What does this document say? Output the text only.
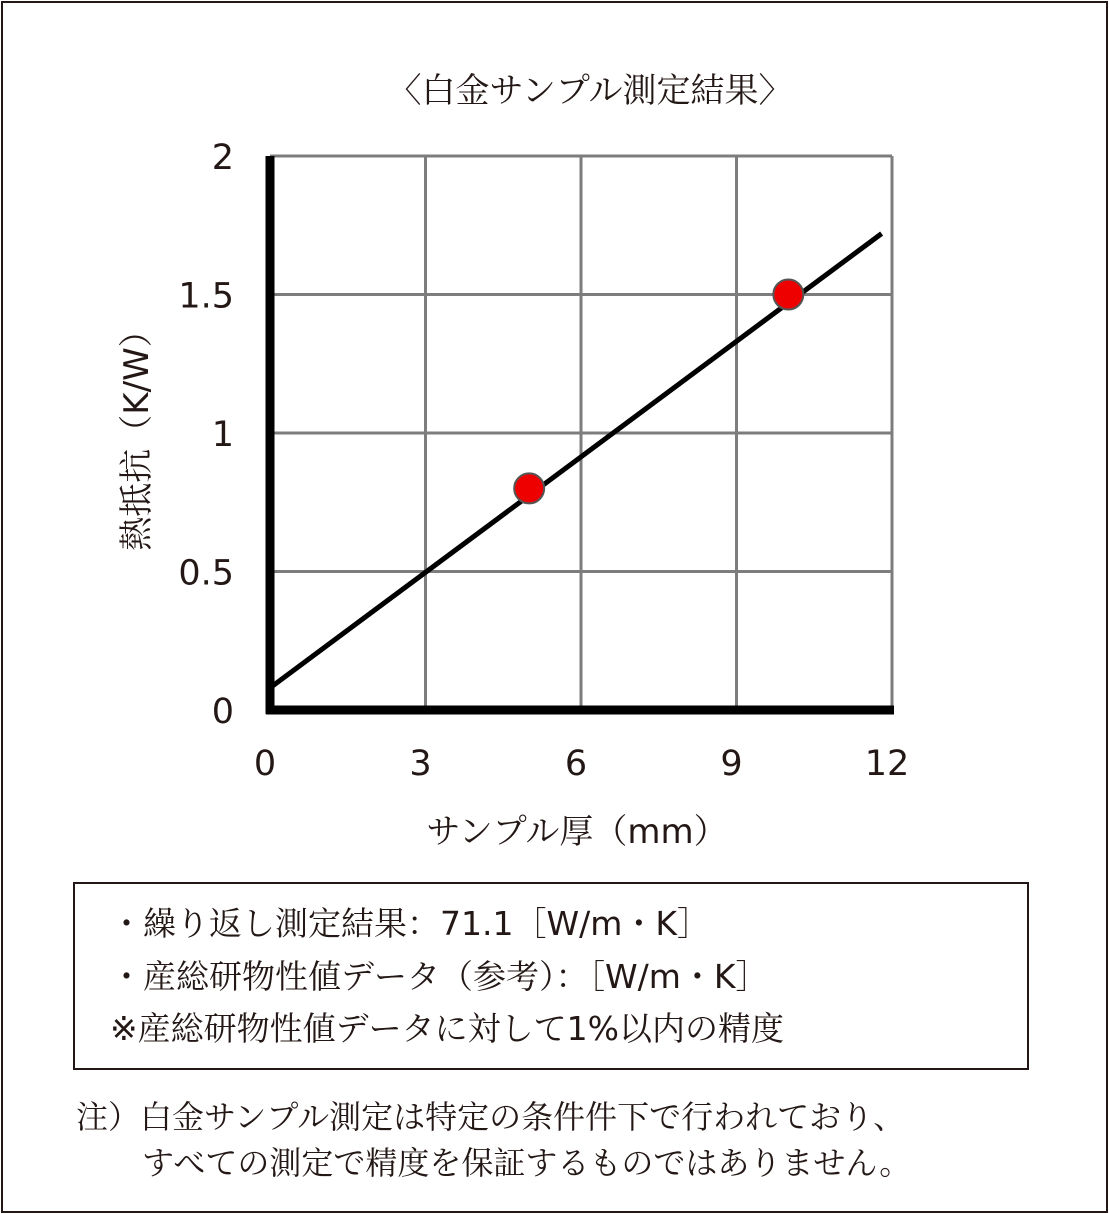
〈白金サンプル測定結果〉
0
0.5
1
1.5
2
0	3	6	9	12
サンプル厚（mm）
熱抵抗（K/W）
・繰り返し測定結果：71.1［W/m・K］
・産総研物性値データ（参考）：［W/m・K］
※産総研物性値データに対して1%以内の精度
注）白金サンプル測定は特定の条件件下で行われており、
すべての測定で精度を保証するものではありません。
